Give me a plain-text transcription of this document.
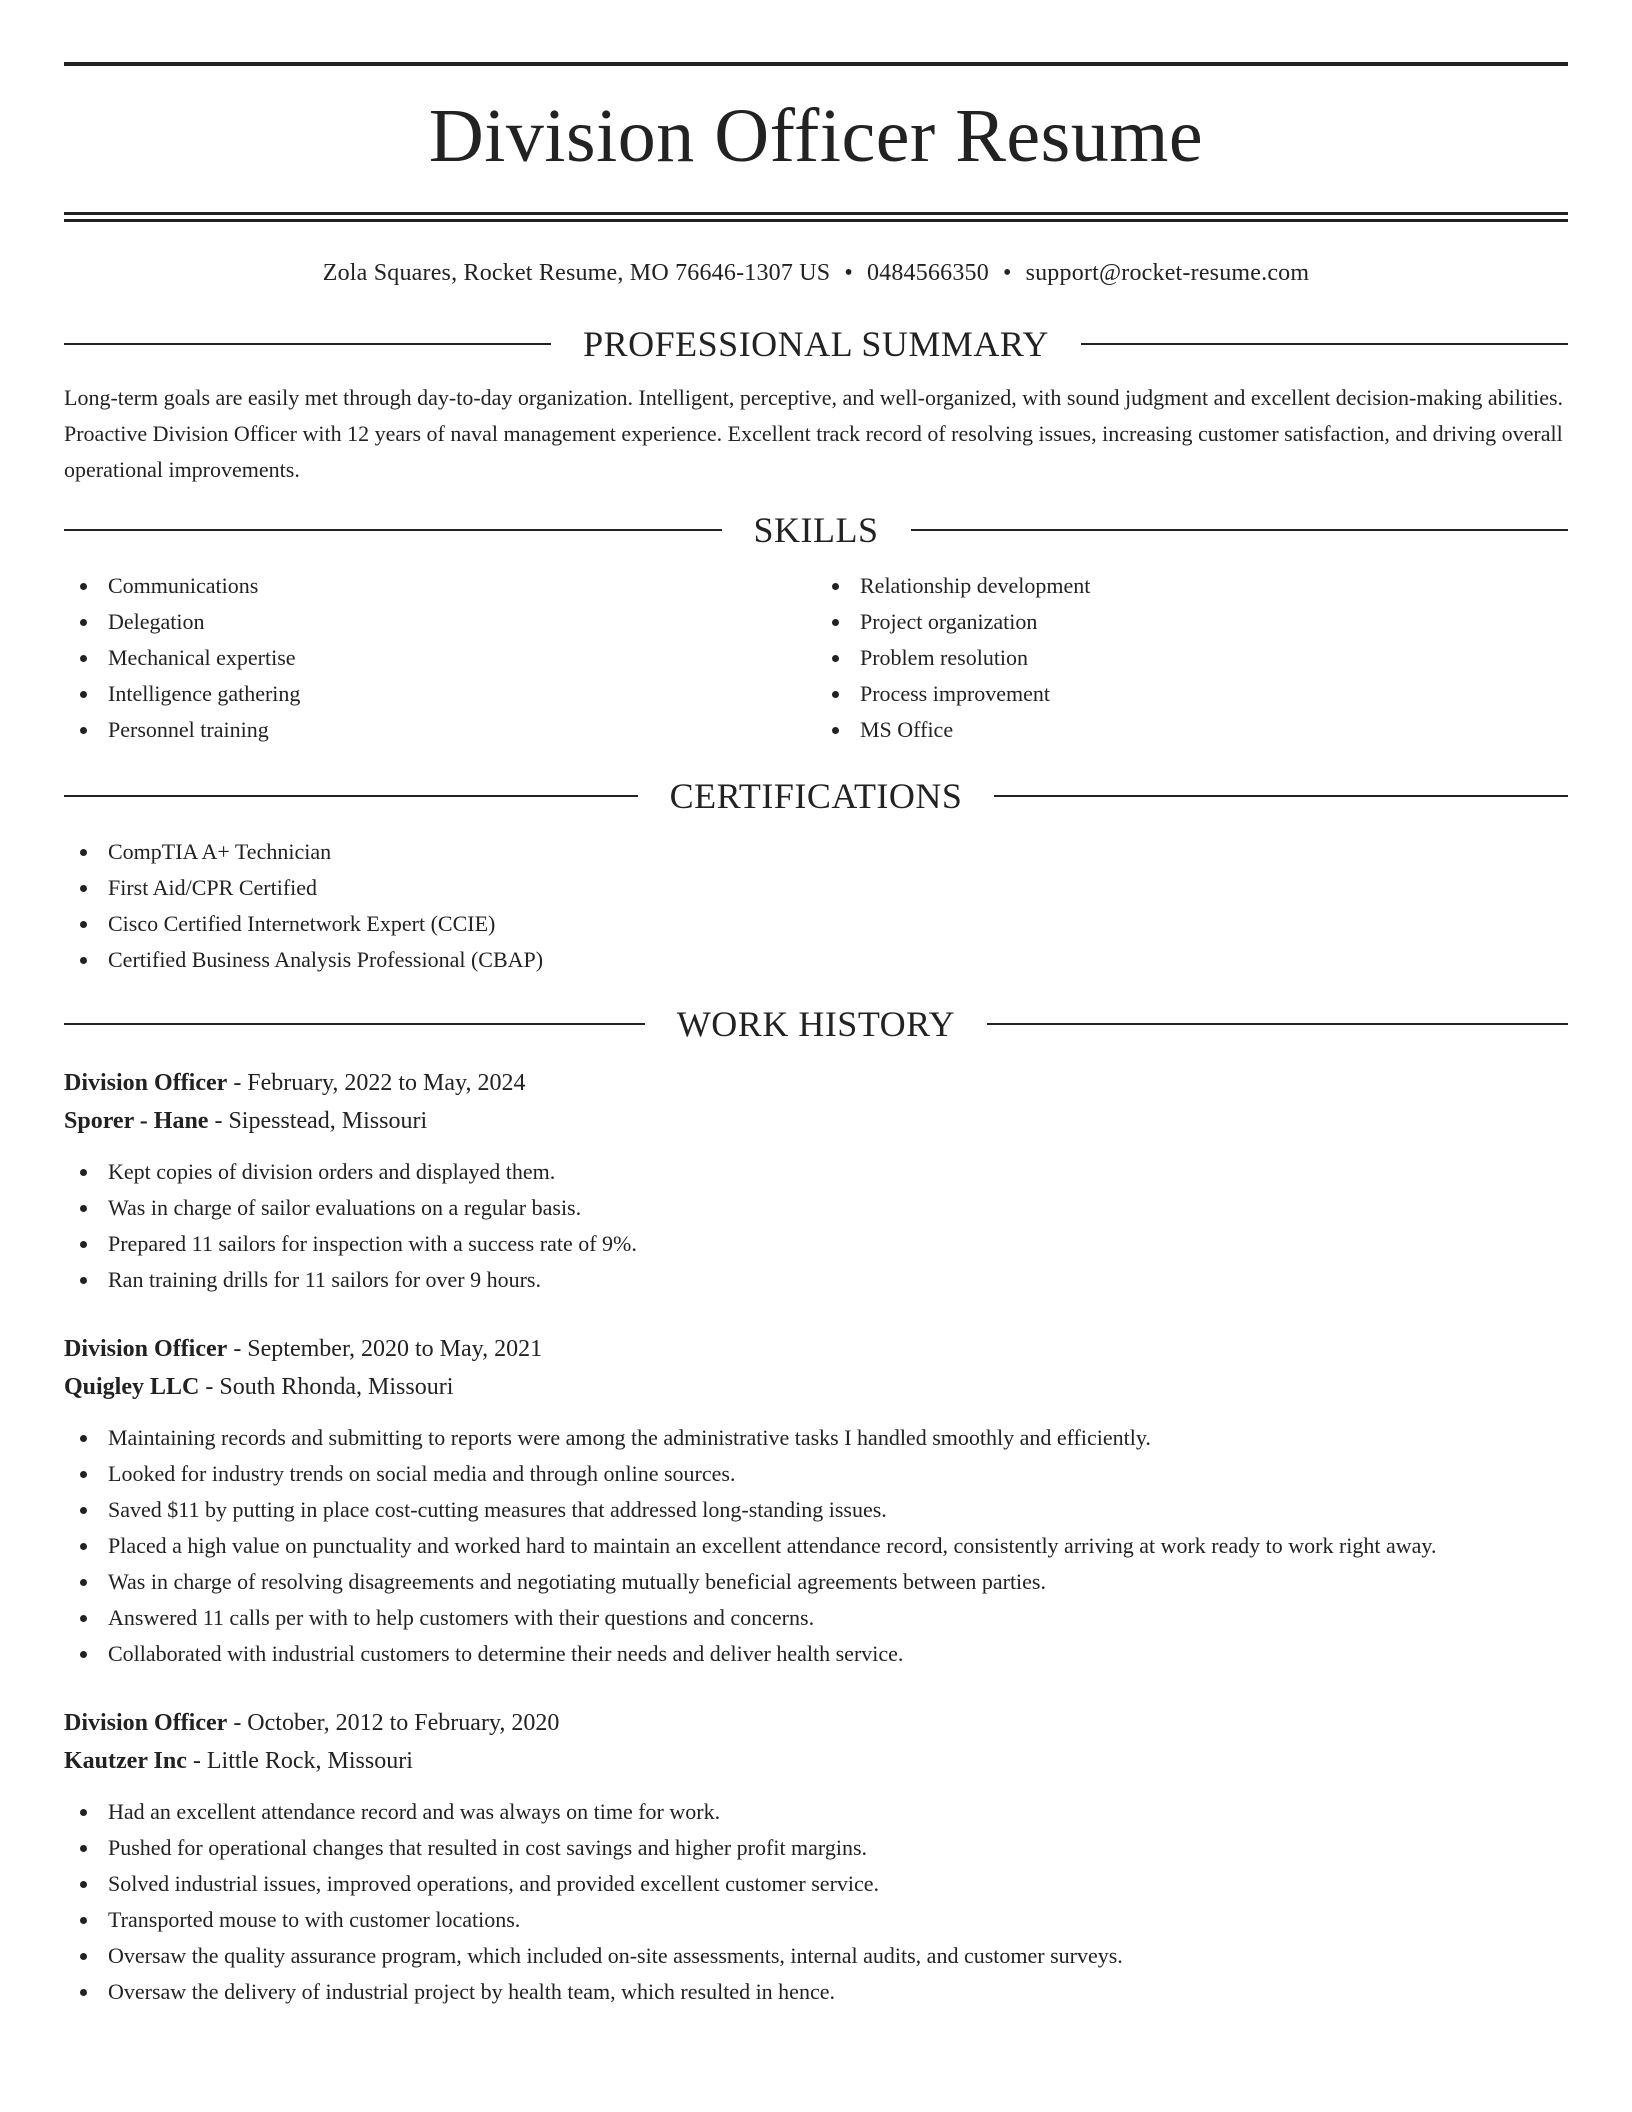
Division Officer Resume
Zola Squares, Rocket Resume, MO 76646-1307 US • 0484566350 • support@rocket-resume.com
PROFESSIONAL SUMMARY

Long-term goals are easily met through day-to-day organization. Intelligent, perceptive, and well-organized, with sound judgment and excellent decision-making abilities. Proactive Division Officer with 12 years of naval management experience. Excellent track record of resolving issues, increasing customer satisfaction, and driving overall operational improvements.

SKILLS
Communications
Delegation
Mechanical expertise
Intelligence gathering
Personnel training
Relationship development
Project organization
Problem resolution
Process improvement
MS Office
CERTIFICATIONS
CompTIA A+ Technician
First Aid/CPR Certified
Cisco Certified Internetwork Expert (CCIE)
Certified Business Analysis Professional (CBAP)
WORK HISTORY
Division Officer - February, 2022 to May, 2024
Sporer - Hane - Sipesstead, Missouri
Kept copies of division orders and displayed them.
Was in charge of sailor evaluations on a regular basis.
Prepared 11 sailors for inspection with a success rate of 9%.
Ran training drills for 11 sailors for over 9 hours.
Division Officer - September, 2020 to May, 2021
Quigley LLC - South Rhonda, Missouri
Maintaining records and submitting to reports were among the administrative tasks I handled smoothly and efficiently.
Looked for industry trends on social media and through online sources.
Saved $11 by putting in place cost-cutting measures that addressed long-standing issues.
Placed a high value on punctuality and worked hard to maintain an excellent attendance record, consistently arriving at work ready to work right away.
Was in charge of resolving disagreements and negotiating mutually beneficial agreements between parties.
Answered 11 calls per with to help customers with their questions and concerns.
Collaborated with industrial customers to determine their needs and deliver health service.
Division Officer - October, 2012 to February, 2020
Kautzer Inc - Little Rock, Missouri
Had an excellent attendance record and was always on time for work.
Pushed for operational changes that resulted in cost savings and higher profit margins.
Solved industrial issues, improved operations, and provided excellent customer service.
Transported mouse to with customer locations.
Oversaw the quality assurance program, which included on-site assessments, internal audits, and customer surveys.
Oversaw the delivery of industrial project by health team, which resulted in hence.
